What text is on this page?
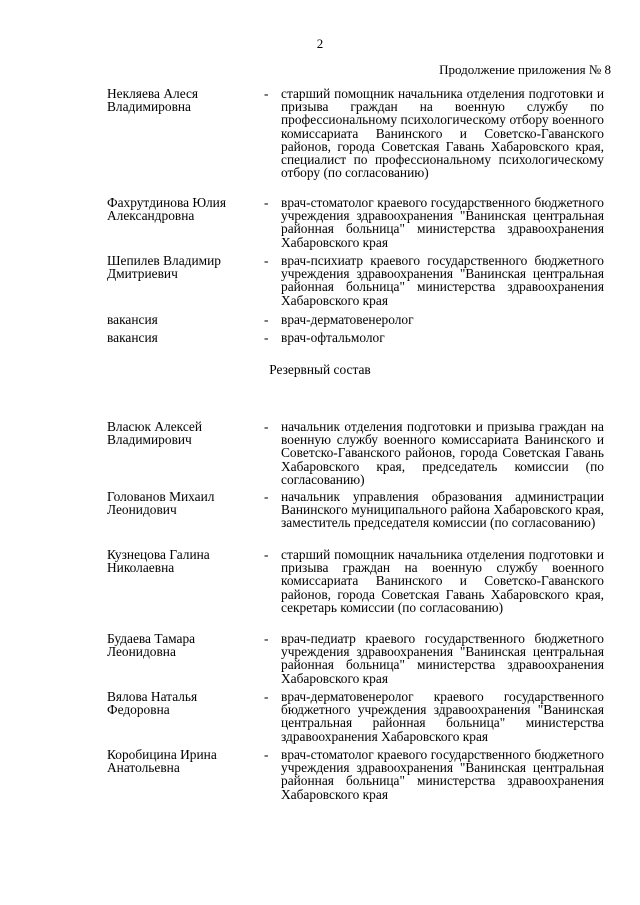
2
Продолжение приложения № 8
Некляева Алеся Владимировна
- старший помощник начальника отделения подготовки и призыва граждан на военную службу по профессиональному психологическому отбору военного комиссариата Ванинского и Советско-Гаванского районов, города Советская Гавань Хабаровского края, специалист по профессиональному психологическому отбору (по согласованию)
Фахрутдинова Юлия Александровна
- врач-стоматолог краевого государственного бюджетного учреждения здравоохранения "Ванинская центральная районная больница" министерства здравоохранения Хабаровского края
Шепилев Владимир Дмитриевич
- врач-психиатр краевого государственного бюджетного учреждения здравоохранения "Ванинская центральная районная больница" министерства здравоохранения Хабаровского края
вакансия	- врач-дерматовенеролог
вакансия	- врач-офтальмолог
Резервный состав
Власюк Алексей Владимирович
- начальник отделения подготовки и призыва граждан на военную службу военного комиссариата Ванинского и Советско-Гаванского районов, города Советская Гавань Хабаровского края, председатель комиссии (по согласованию)
Голованов Михаил Леонидович
- начальник управления образования администрации Ванинского муниципального района Хабаровского края, заместитель председателя комиссии (по согласованию)
Кузнецова Галина Николаевна
- старший помощник начальника отделения подготовки и призыва граждан на военную службу военного комиссариата Ванинского и Советско-Гаванского районов, города Советская Гавань Хабаровского края, секретарь комиссии (по согласованию)
Будаева Тамара Леонидовна
- врач-педиатр краевого государственного бюджетного учреждения здравоохранения "Ванинская центральная районная больница" министерства здравоохранения Хабаровского края
Вялова Наталья Федоровна
- врач-дерматовенеролог краевого государственного бюджетного учреждения здравоохранения "Ванинская центральная районная больница" министерства здравоохранения Хабаровского края
Коробицина Ирина Анатольевна
- врач-стоматолог краевого государственного бюджетного учреждения здравоохранения "Ванинская центральная районная больница" министерства здравоохранения Хабаровского края
